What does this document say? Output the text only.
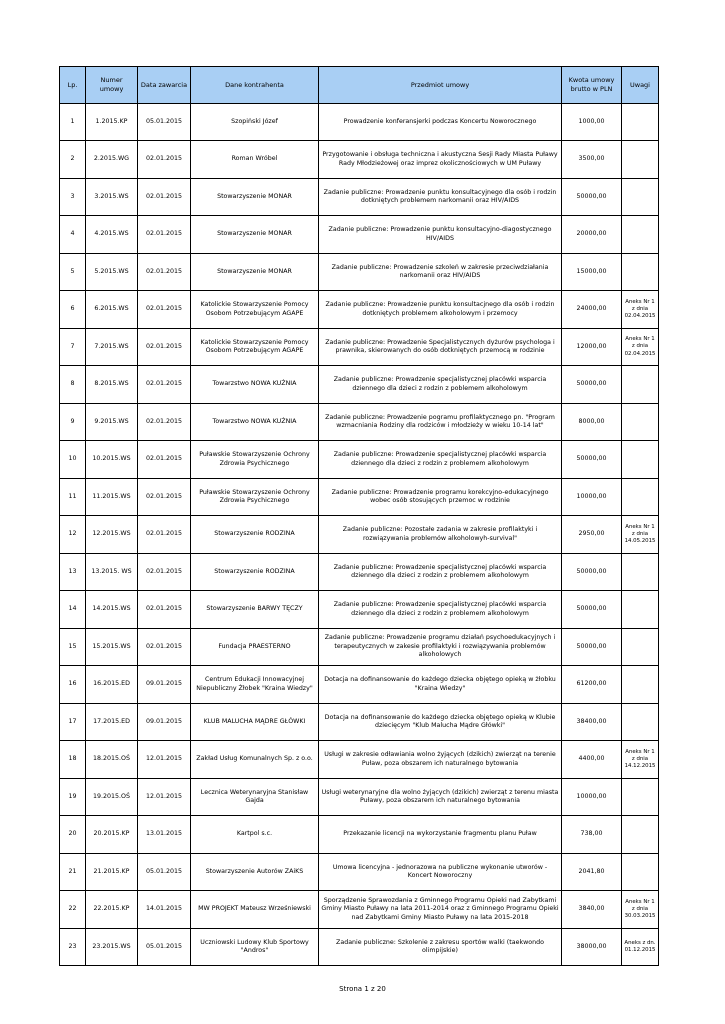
Lp.	Numer umowy	Data zawarcia	Dane kontrahenta	Przedmiot umowy	Kwota umowy brutto w PLN	Uwagi
1	1.2015.KP	05.01.2015	Szopiński Józef	Prowadzenie konferansjerki podczas Koncertu Noworocznego	1000,00	
2	2.2015.WG	02.01.2015	Roman Wróbel	Przygotowanie i obsługa techniczna i akustyczna Sesji Rady Miasta Puławy Rady Młodzieżowej oraz imprez okolicznościowych w UM Puławy	3500,00	
3	3.2015.WS	02.01.2015	Stowarzyszenie MONAR	Zadanie publiczne: Prowadzenie punktu konsultacyjnego dla osób i rodzin dotkniętych problemem narkomanii oraz HIV/AIDS	50000,00	
4	4.2015.WS	02.01.2015	Stowarzyszenie MONAR	Zadanie publiczne: Prowadzenie punktu konsultacyjno-diagostycznego HIV/AIDS	20000,00	
5	5.2015.WS	02.01.2015	Stowarzyszenie MONAR	Zadanie publiczne: Prowadzenie szkoleń w zakresie przeciwdziałania narkomanii oraz HIV/AIDS	15000,00	
6	6.2015.WS	02.01.2015	Katolickie Stowarzyszenie Pomocy Osobom Potrzebującym AGAPE	Zadanie publiczne: Prowadzenie punktu konsultacjnego dla osób i rodzin dotkniętych problemem alkoholowym i przemocy	24000,00	Aneks Nr 1 z dnia 02.04.2015
7	7.2015.WS	02.01.2015	Katolickie Stowarzyszenie Pomocy Osobom Potrzebującym AGAPE	Zadanie publiczne: Prowadzenie Specjalistycznych dyżurów psychologa i prawnika, skierowanych do osób dotkniętych przemocą w rodzinie	12000,00	Aneks Nr 1 z dnia 02.04.2015
8	8.2015.WS	02.01.2015	Towarzstwo NOWA KUŹNIA	Zadanie publiczne: Prowadzenie specjalistycznej placówki wsparcia dziennego dla dzieci z rodzin z poblemem alkoholowym	50000,00	
9	9.2015.WS	02.01.2015	Towarzstwo NOWA KUŹNIA	Zadanie publiczne: Prowadzenie pogramu profilaktycznego pn. "Program wzmacniania Rodziny dla rodziców i młodzieży w wieku 10-14 lat"	8000,00	
10	10.2015.WS	02.01.2015	Puławskie Stowarzyszenie Ochrony Zdrowia Psychicznego	Zadanie publiczne: Prowadzenie specjalistycznej placówki wsparcia dziennego dla dzieci z rodzin z problemem alkoholowym	50000,00	
11	11.2015.WS	02.01.2015	Puławskie Stowarzyszenie Ochrony Zdrowia Psychicznego	Zadanie publiczne: Prowadzenie programu korekcyjno-edukacyjnego wobec osób stosujących przemoc w rodzinie	10000,00	
12	12.2015.WS	02.01.2015	Stowarzyszenie RODZINA	Zadanie publiczne: Pozostałe zadania w zakresie profilaktyki i rozwiązywania problemów alkoholowyh-survival"	2950,00	Aneks Nr 1 z dnia 14.05.2015
13	13.2015. WS	02.01.2015	Stowarzyszenie RODZINA	Zadanie publiczne: Prowadzenie specjalistycznej placówki wsparcia dziennego dla dzieci z rodzin z problemem alkoholowym	50000,00	
14	14.2015.WS	02.01.2015	Stowarzyszenie BARWY TĘCZY	Zadanie publiczne: Prowadzenie specjalistycznej placówki wsparcia dziennego dla dzieci z rodzin z problemem alkoholowym	50000,00	
15	15.2015.WS	02.01.2015	Fundacja PRAESTERNO	Zadanie publiczne: Prowadzenie programu działań psychoedukacyjnych i terapeutycznych w zakesie profilaktyki i rozwiązywania problemów alkoholowych	50000,00	
16	16.2015.ED	09.01.2015	Centrum Edukacji Innowacyjnej Niepubliczny Żłobek "Kraina Wiedzy"	Dotacja na dofinansowanie do każdego dziecka objętego opieką w żłobku "Kraina Wiedzy"	61200,00	
17	17.2015.ED	09.01.2015	KLUB MALUCHA MĄDRE GŁÓWKI	Dotacja na dofinansowanie do każdego dziecka objętego opieką w Klubie dziecięcym "Klub Malucha Mądre Główki"	38400,00	
18	18.2015.OŚ	12.01.2015	Zakład Usług Komunalnych Sp. z o.o.	Usługi w zakresie odławiania wolno żyjących (dzikich) zwierząt na terenie Puław, poza obszarem ich naturalnego bytowania	4400,00	Aneks Nr 1 z dnia 14.12.2015
19	19.2015.OŚ	12.01.2015	Lecznica Weterynaryjna Stanisław Gajda	Usługi weterynaryjne dla wolno żyjących (dzikich) zwierząt z terenu miasta Puławy, poza obszarem ich naturalnego bytowania	10000,00	
20	20.2015.KP	13.01.2015	Kartpol s.c.	Przekazanie licencji na wykorzystanie fragmentu planu Puław	738,00	
21	21.2015.KP	05.01.2015	Stowarzyszenie Autorów ZAiKS	Umowa licencyjna - jednorazowa na publiczne wykonanie utworów - Koncert Noworoczny	2041,80	
22	22.2015.KP	14.01.2015	MW PROJEKT Mateusz Wrześniewski	Sporządzenie Sprawozdania z Gminnego Programu Opieki nad Zabytkami Gminy Miasto Puławy na lata 2011-2014 oraz z Gminnego Programu Opieki nad Zabytkami Gminy Miasto Puławy na lata 2015-2018	3840,00	Aneks Nr 1 z dnia 30.03.2015
23	23.2015.WS	05.01.2015	Uczniowski Ludowy Klub Sportowy "Andros"	Zadanie publiczne: Szkolenie z zakresu sportów walki (taekwondo olimpijskie)	38000,00	Aneks z dn. 01.12.2015
Strona 1 z 20
